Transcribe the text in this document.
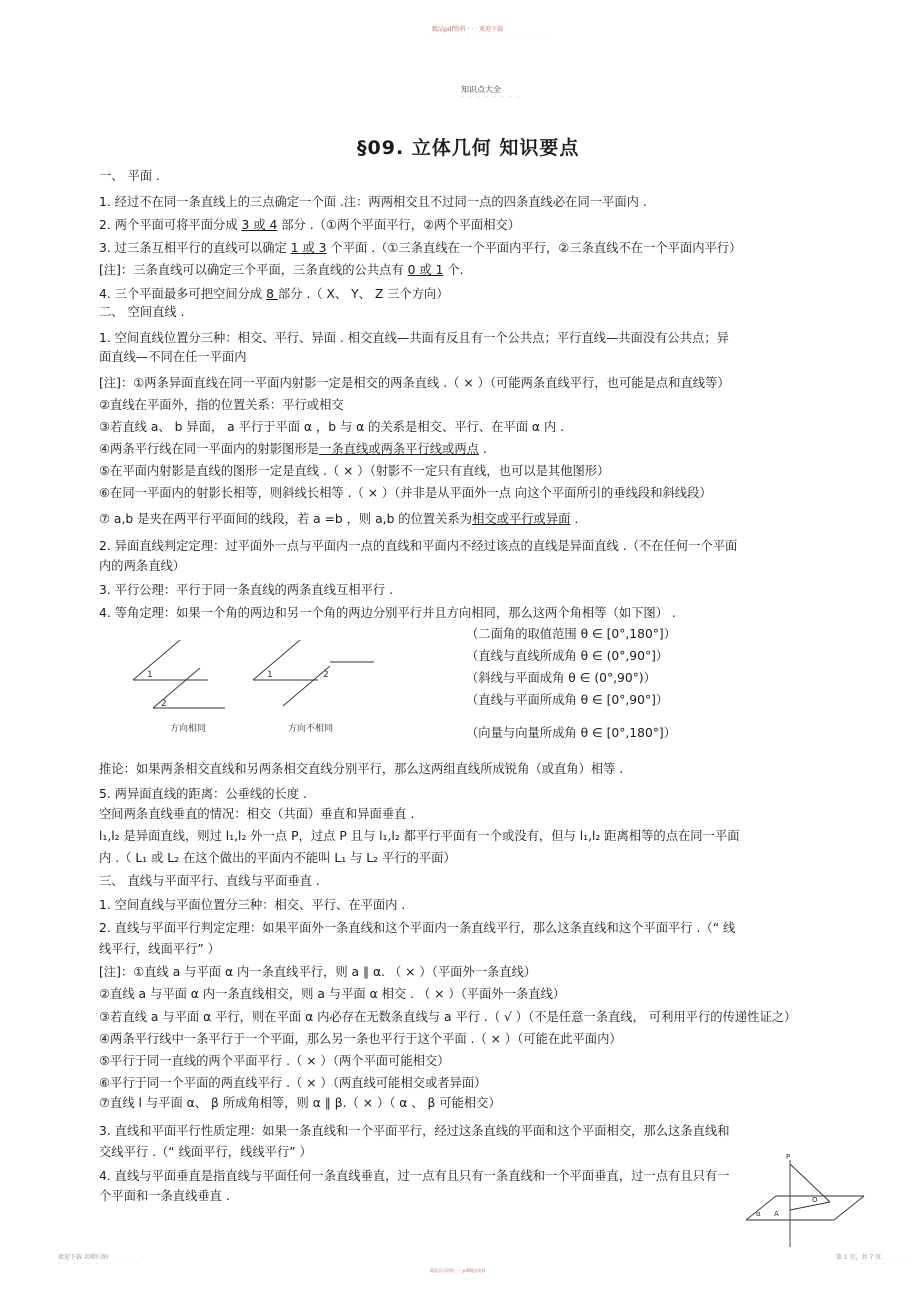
精品pdf资料 · · · 欢迎下载
· · · · · · · · · · · · · · · ·
知识点大全
- - - - - - - -
§09. 立体几何 知识要点
一、 平面 .
1. 经过不在同一条直线上的三点确定一个面 .注：两两相交且不过同一点的四条直线必在同一平面内 .
2. 两个平面可将平面分成 3 或 4 部分 .（①两个平面平行，②两个平面相交）
3. 过三条互相平行的直线可以确定 1 或 3 个平面 .（①三条直线在一个平面内平行，②三条直线不在一个平面内平行）
[注]：三条直线可以确定三个平面，三条直线的公共点有 0 或 1 个.
4. 三个平面最多可把空间分成 8 部分 .（ X、 Y、 Z 三个方向）
二、 空间直线 .
1. 空间直线位置分三种：相交、平行、异面 . 相交直线—共面有反且有一个公共点；平行直线—共面没有公共点；异
面直线—不同在任一平面内
[注]：①两条异面直线在同一平面内射影一定是相交的两条直线 .（ × ）（可能两条直线平行，也可能是点和直线等）
②直线在平面外，指的位置关系：平行或相交
③若直线 a、 b 异面， a 平行于平面 α ，b 与 α 的关系是相交、平行、在平面 α 内 .
④两条平行线在同一平面内的射影图形是一条直线或两条平行线或两点 .
⑤在平面内射影是直线的图形一定是直线 .（ × ）（射影不一定只有直线，也可以是其他图形）
⑥在同一平面内的射影长相等，则斜线长相等 .（ × ）（并非是从平面外一点 向这个平面所引的垂线段和斜线段）
⑦ a,b 是夹在两平行平面间的线段，若 a =b ，则 a,b 的位置关系为相交或平行或异面 .
2. 异面直线判定定理：过平面外一点与平面内一点的直线和平面内不经过该点的直线是异面直线 .（不在任何一个平面
内的两条直线）
3. 平行公理：平行于同一条直线的两条直线互相平行 .
4. 等角定理：如果一个角的两边和另一个角的两边分别平行并且方向相同，那么这两个角相等（如下图） .
（二面角的取值范围 θ ∈ [0°,180°]）
（直线与直线所成角 θ ∈ (0°,90°]）
（斜线与平面成角 θ ∈ (0°,90°)）
（直线与平面所成角 θ ∈ [0°,90°]）
（向量与向量所成角 θ ∈ [0°,180°]）
1
2
1	2
方向相同	方向不相同
推论：如果两条相交直线和另两条相交直线分别平行，那么这两组直线所成锐角（或直角）相等 .
5. 两异面直线的距离：公垂线的长度 .
空间两条直线垂直的情况：相交（共面）垂直和异面垂直 .
l₁,l₂ 是异面直线，则过 l₁,l₂ 外一点 P，过点 P 且与 l₁,l₂ 都平行平面有一个或没有，但与 l₁,l₂ 距离相等的点在同一平面
内 .（ L₁ 或 L₂ 在这个做出的平面内不能叫 L₁ 与 L₂ 平行的平面）
三、 直线与平面平行、直线与平面垂直 .
1. 空间直线与平面位置分三种：相交、平行、在平面内 .
2. 直线与平面平行判定定理：如果平面外一条直线和这个平面内一条直线平行，那么这条直线和这个平面平行 .（“ 线
线平行，线面平行” ）
[注]：①直线 a 与平面 α 内一条直线平行，则 a ∥ α. （ × ）（平面外一条直线）
②直线 a 与平面 α 内一条直线相交，则 a 与平面 α 相交 . （ × ）（平面外一条直线）
③若直线 a 与平面 α 平行，则在平面 α 内必存在无数条直线与 a 平行 .（ √ ）（不是任意一条直线， 可利用平行的传递性证之）
④两条平行线中一条平行于一个平面，那么另一条也平行于这个平面 .（ × ）（可能在此平面内）
⑤平行于同一直线的两个平面平行 .（ × ）（两个平面可能相交）
⑥平行于同一个平面的两直线平行 .（ × ）（两直线可能相交或者异面）
⑦直线 l 与平面 α、 β 所成角相等，则 α ∥ β.（ × ）（ α 、 β 可能相交）
3. 直线和平面平行性质定理：如果一条直线和一个平面平行，经过这条直线的平面和这个平面相交，那么这条直线和
交线平行 .（“ 线面平行，线线平行” ）
4. 直线与平面垂直是指直线与平面任何一条直线垂直，过一点有且只有一条直线和一个平面垂直，过一点有且只有一
个平面和一条直线垂直 .
P
O
A
α
欢迎下载 名师归纳
· · · · · · · · · · ·
精品学习资料 · · · pdf精品资料
第 1 页，共 7 页
· · · · · · · · · ·
